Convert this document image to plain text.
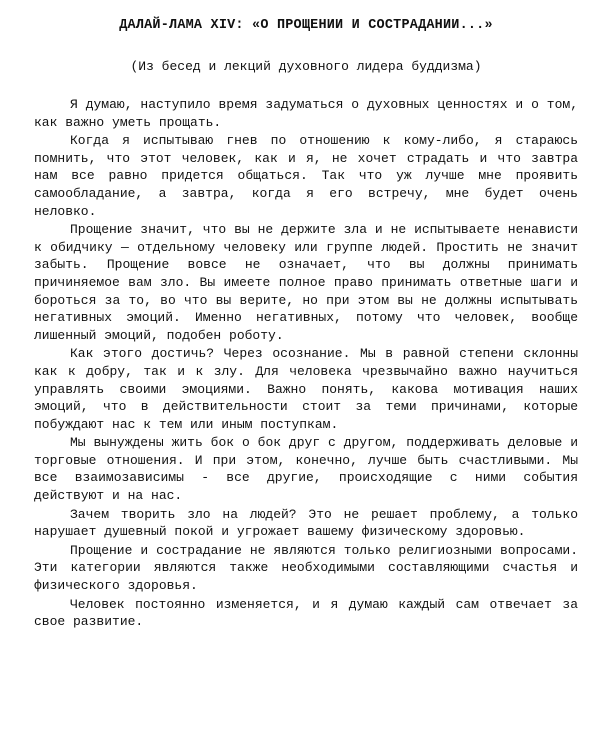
ДАЛАЙ-ЛАМА XIV: «О ПРОЩЕНИИ И СОСТРАДАНИИ...»
(Из бесед и лекций духовного лидера буддизма)

Я думаю, наступило время задуматься о духовных ценностях и о том, как важно уметь прощать.

Когда я испытываю гнев по отношению к кому-либо, я стараюсь помнить, что этот человек, как и я, не хочет страдать и что завтра нам все равно придется общаться. Так что уж лучше мне проявить самообладание, а завтра, когда я его встречу, мне будет очень неловко.

Прощение значит, что вы не держите зла и не испытываете ненависти к обидчику — отдельному человеку или группе людей. Простить не значит забыть. Прощение вовсе не означает, что вы должны принимать причиняемое вам зло. Вы имеете полное право принимать ответные шаги и бороться за то, во что вы верите, но при этом вы не должны испытывать негативных эмоций. Именно негативных, потому что человек, вообще лишенный эмоций, подобен роботу.

Как этого достичь? Через осознание. Мы в равной степени склонны как к добру, так и к злу. Для человека чрезвычайно важно научиться управлять своими эмоциями. Важно понять, какова мотивация наших эмоций, что в действительности стоит за теми причинами, которые побуждают нас к тем или иным поступкам.

Мы вынуждены жить бок о бок друг с другом, поддерживать деловые и торговые отношения. И при этом, конечно, лучше быть счастливыми. Мы все взаимозависимы - все другие, происходящие с ними события действуют и на нас.

Зачем творить зло на людей? Это не решает проблему, а только нарушает душевный покой и угрожает вашему физическому здоровью.

Прощение и сострадание не являются только религиозными вопросами. Эти категории являются также необходимыми составляющими счастья и физического здоровья.

Человек постоянно изменяется, и я думаю каждый сам отвечает за свое развитие.
